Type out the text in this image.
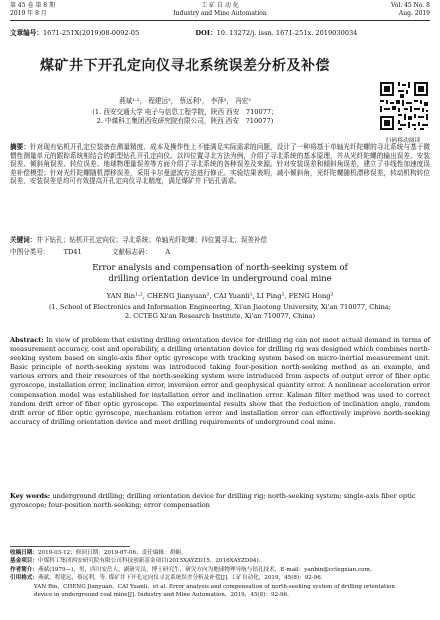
第 45 卷 第 8 期
2019 年 8 月
工 矿 自 动 化
Industry and Mine Automation
Vol. 45 No. 8
Aug. 2019
文章编号：1671-251X(2019)08-0092-05	DOI：10. 13272/j. issn. 1671-251x. 2019030034
煤矿井下开孔定向仪寻北系统误差分析及补偿
燕斌¹·²， 程建远²， 蔡远利¹， 李萍²， 冯宏²
(1. 西安交通大学 电子与信息工程学院，陕西 西安　710077；
2. 中煤科工集团西安研究院有限公司，陕西 西安　710077)
扫码移动阅读
摘要：针对现有钻机开孔定位装备在测量精度、成本及操作性上不能满足实际需求的问题，设计了一种将基于单轴光纤陀螺的寻北系统与基于微惯性测量单元的跟踪系统相结合的新型钻孔开孔定向仪。以四位置寻北方法为例，介绍了寻北系统的基本原理，并从光纤陀螺的输出误差、安装误差、倾斜角误差、转位误差、地球物理量误差等方面介绍了寻北系统的各种误差及来源。针对安装误差和倾斜角误差，建立了非线性加速度误差补偿模型；针对光纤陀螺随机漂移误差，采用卡尔曼滤波方法进行修正。实验结果表明，减小倾斜角，光纤陀螺随机漂移误差，转动机构转位误差，安装误差是均可有效提高开孔定向仪寻北精度，满足煤矿井下钻孔需求。
关键词：井下钻孔；钻机开孔定向仪；寻北系统；单轴光纤陀螺；四位置寻北；误差补偿
中图分类号： TD41	文献标志码： A
Error analysis and compensation of north-seeking system of
drilling orientation device in underground coal mine
YAN Bin¹·², CHENG Jianyuan², CAI Yuanli¹, LI Ping², FENG Hong²
(1. School of Electronics and Information Engineering, Xi'an Jiaotong University, Xi'an 710077, China;
2. CCTEG Xi'an Research Institute, Xi'an 710077, China)
Abstract: In view of problem that existing drilling orientation device for drilling rig can not meet actual demand in terms of measurement accuracy, cost and operability, a drilling orientation device for drilling rig was designed which combines north-seeking system based on single-axis fiber optic gyroscope with tracking system based on micro-inertial measurement unit. Basic principle of north-seeking system was introduced taking four-position north-seeking method as an example, and various errors and their resources of the north-seeking system were introduced from aspects of output error of fiber optic gyroscope, installation error, inclination error, inversion error and geophysical quantity error. A nonlinear acceleration error compensation model was established for installation error and inclination error. Kalman filter method was used to correct random drift error of fiber optic gyroscope. The experimental results show that the reduction of inclination angle, random drift error of fiber optic gyroscope, mechanism rotation error and installation error can effectively improve north-seeking accuracy of drilling orientation device and meet drilling requirements of underground coal mine.
Key words: underground drilling; drilling orientation device for drilling rig; north-seeking system; single-axis fiber optic gyroscope; four-position north-seeking; error compensation
收稿日期：2019-03-12；修回日期：2019-07-06；责任编辑：胡娴。
基金项目：中煤科工集团西安研究院有限公司科技创新基金项目(2015XAYZD15，2016XAYZD04)。
作者简介：燕斌(1979—)，男，四川安岳人，副研究员，博士研究生，研究方向为地球物理导航与钻孔技术，E-mail：yanbin@cctegxian.com。
引用格式：燕斌，程建远，蔡远利，等. 煤矿井下开孔定向仪寻北系统误差分析及补偿[J]. 工矿自动化，2019，45(8)：92-96.
YAN Bin，CHENG Jianyuan，CAI Yuanli，et al. Error analysis and compensation of north-seeking system of drilling orientation
device in underground coal mine[J]. Industry and Mine Automation，2019，45(8)：92-96.
